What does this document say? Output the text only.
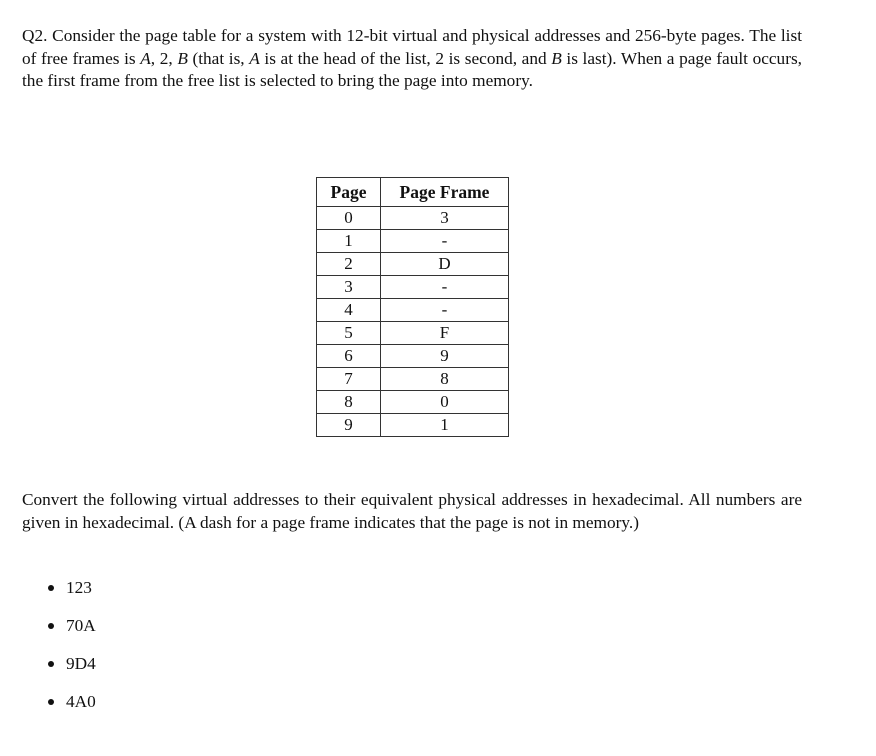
Q2. Consider the page table for a system with 12-bit virtual and physical addresses and 256-byte pages. The list of free frames is A, 2, B (that is, A is at the head of the list, 2 is second, and B is last). When a page fault occurs, the first frame from the free list is selected to bring the page into memory.
Page	Page Frame
0	3
1	-
2	D
3	-
4	-
5	F
6	9
7	8
8	0
9	1
Convert the following virtual addresses to their equivalent physical addresses in hexadecimal. All numbers are given in hexadecimal. (A dash for a page frame indicates that the page is not in memory.)
123
70A
9D4
4A0
